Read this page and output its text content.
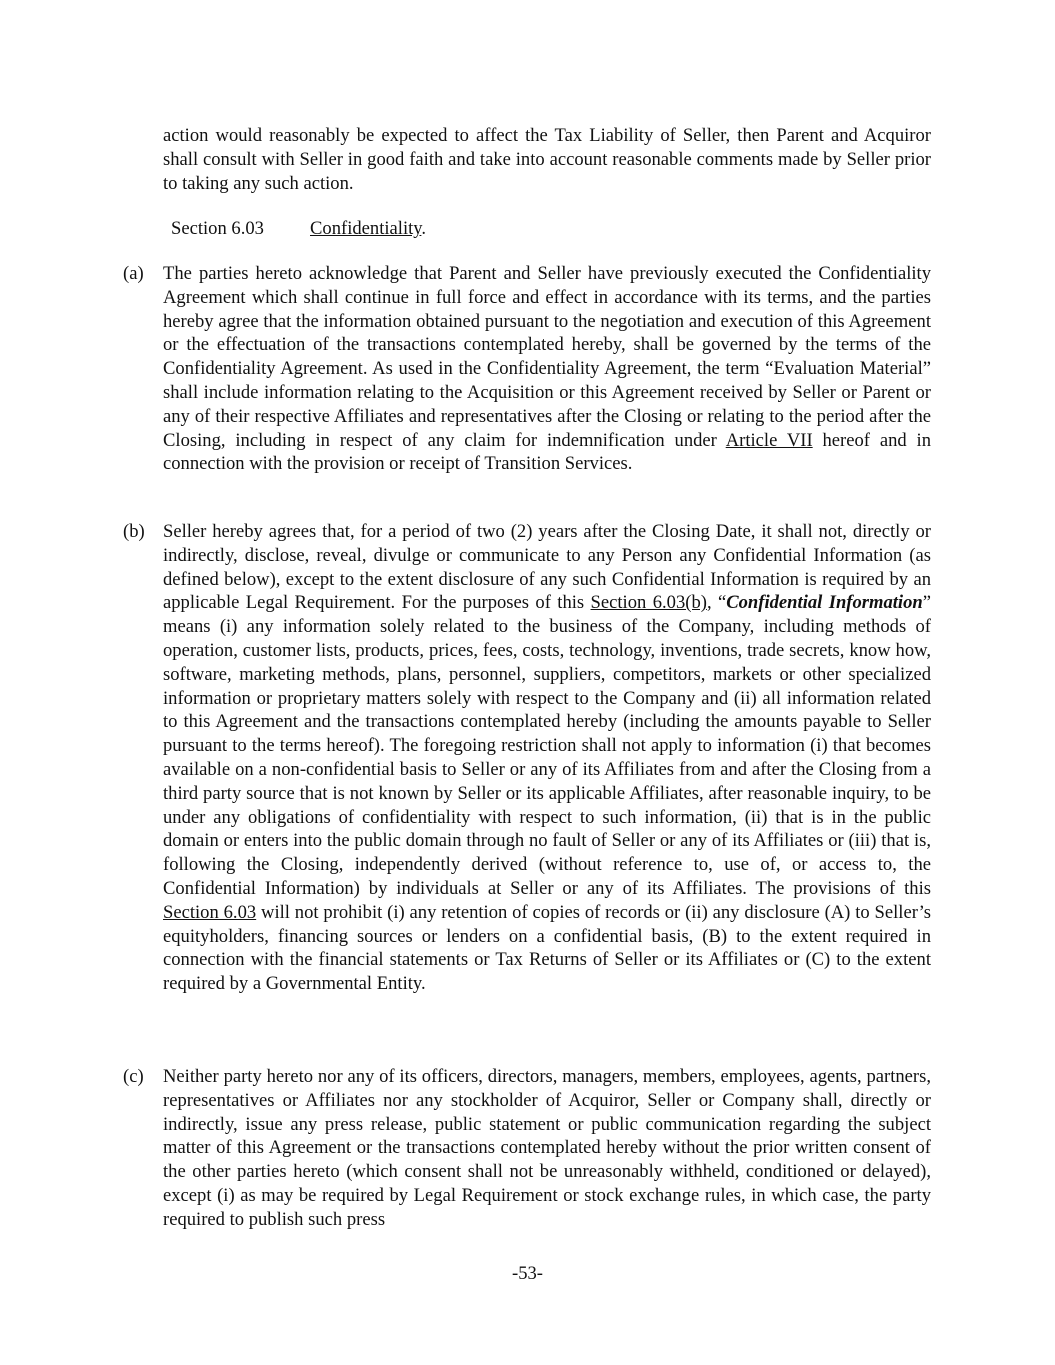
action would reasonably be expected to affect the Tax Liability of Seller, then Parent and Acquiror shall consult with Seller in good faith and take into account reasonable comments made by Seller prior to taking any such action.
Section 6.03 Confidentiality.
(a)	The parties hereto acknowledge that Parent and Seller have previously executed the Confidentiality Agreement which shall continue in full force and effect in accordance with its terms, and the parties hereby agree that the information obtained pursuant to the negotiation and execution of this Agreement or the effectuation of the transactions contemplated hereby, shall be governed by the terms of the Confidentiality Agreement. As used in the Confidentiality Agreement, the term “Evaluation Material” shall include information relating to the Acquisition or this Agreement received by Seller or Parent or any of their respective Affiliates and representatives after the Closing or relating to the period after the Closing, including in respect of any claim for indemnification under Article VII hereof and in connection with the provision or receipt of Transition Services.
(b) Seller hereby agrees that, for a period of two (2) years after the Closing Date, it shall not, directly or indirectly, disclose, reveal, divulge or communicate to any Person any Confidential Information (as defined below), except to the extent disclosure of any such Confidential Information is required by an applicable Legal Requirement. For the purposes of this Section 6.03(b), “Confidential Information” means (i) any information solely related to the business of the Company, including methods of operation, customer lists, products, prices, fees, costs, technology, inventions, trade secrets, know how, software, marketing methods, plans, personnel, suppliers, competitors, markets or other specialized information or proprietary matters solely with respect to the Company and (ii) all information related to this Agreement and the transactions contemplated hereby (including the amounts payable to Seller pursuant to the terms hereof). The foregoing restriction shall not apply to information (i) that becomes available on a non-confidential basis to Seller or any of its Affiliates from and after the Closing from a third party source that is not known by Seller or its applicable Affiliates, after reasonable inquiry, to be under any obligations of confidentiality with respect to such information, (ii) that is in the public domain or enters into the public domain through no fault of Seller or any of its Affiliates or (iii) that is, following the Closing, independently derived (without reference to, use of, or access to, the Confidential Information) by individuals at Seller or any of its Affiliates. The provisions of this Section 6.03 will not prohibit (i) any retention of copies of records or (ii) any disclosure (A) to Seller’s equityholders, financing sources or lenders on a confidential basis, (B) to the extent required in connection with the financial statements or Tax Returns of Seller or its Affiliates or (C) to the extent required by a Governmental Entity.
(c)	Neither party hereto nor any of its officers, directors, managers, members, employees, agents, partners, representatives or Affiliates nor any stockholder of Acquiror, Seller or Company shall, directly or indirectly, issue any press release, public statement or public communication regarding the subject matter of this Agreement or the transactions contemplated hereby without the prior written consent of the other parties hereto (which consent shall not be unreasonably withheld, conditioned or delayed), except (i) as may be required by Legal Requirement or stock exchange rules, in which case, the party required to publish such press
-53-
